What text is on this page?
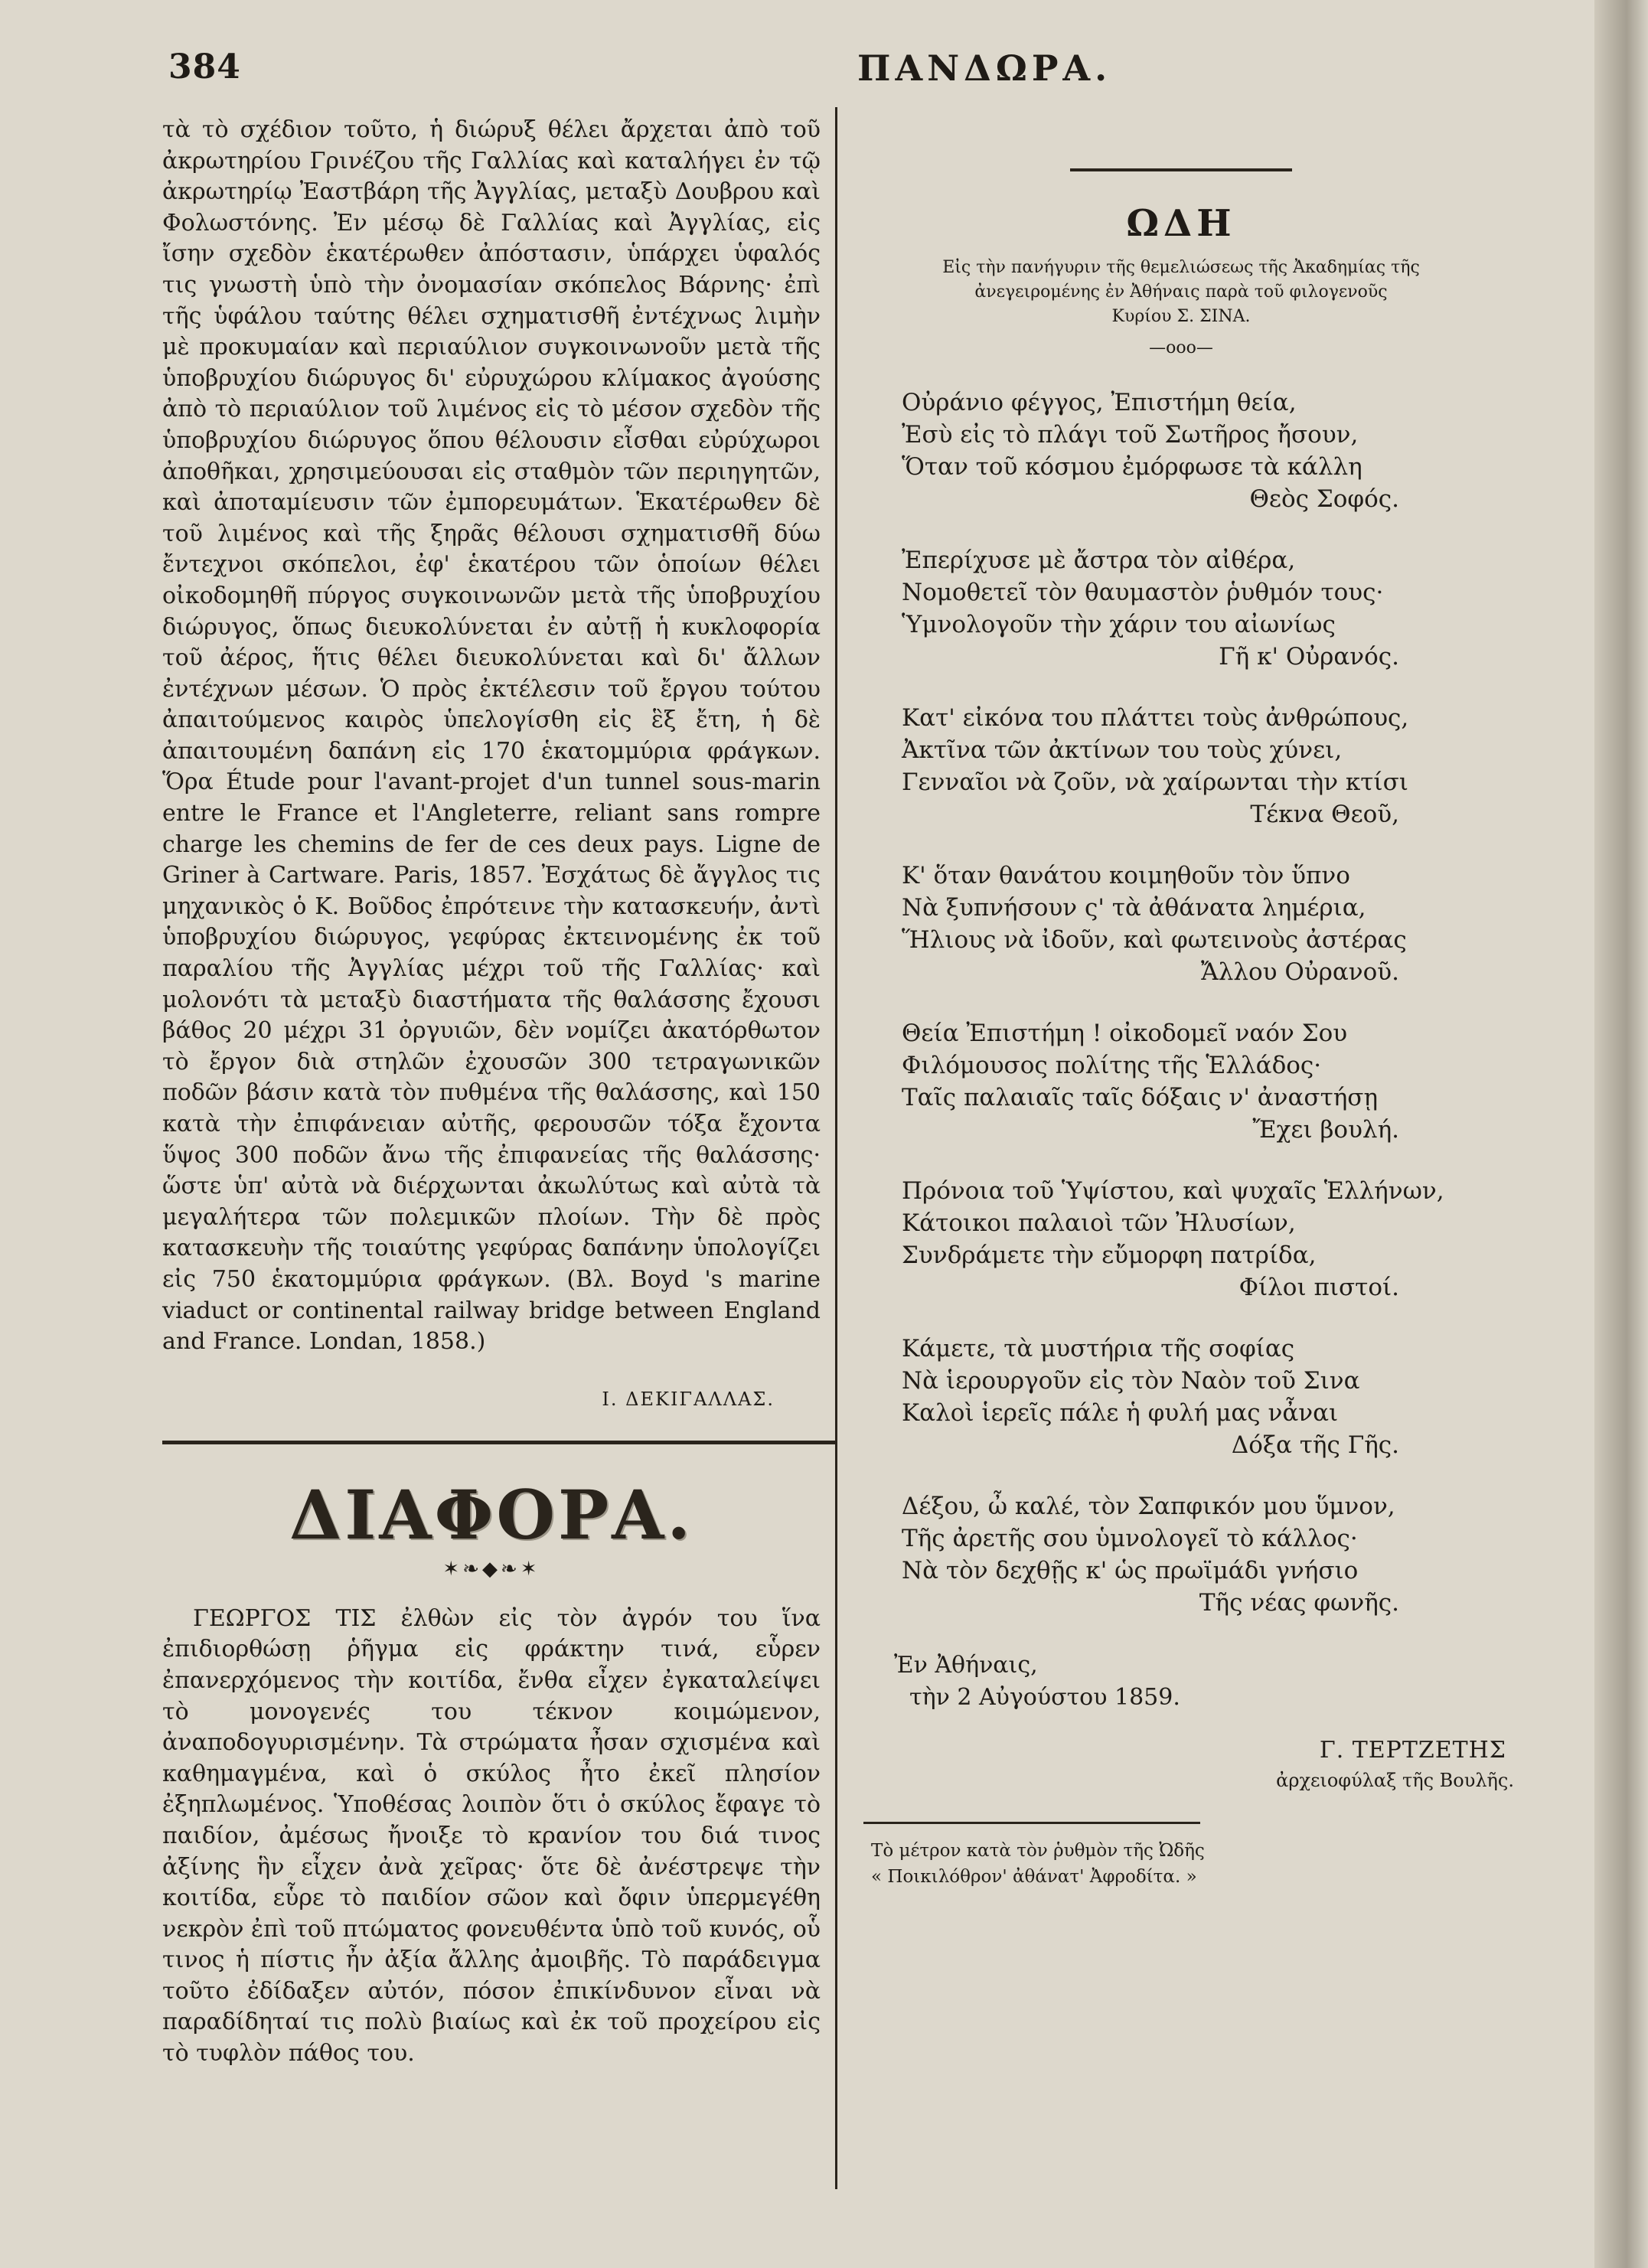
384	ΠΑΝΔΩΡΑ.

τὰ τὸ σχέδιον τοῦτο, ἡ διώρυξ θέλει ἄρχεται ἀπὸ τοῦ ἀκρωτηρίου Γρινέζου τῆς Γαλλίας καὶ καταλήγει ἐν τῷ ἀκρωτηρίῳ Ἐαστβάρη τῆς Ἀγγλίας, μεταξὺ Δουβρου καὶ Φολωστόνης. Ἐν μέσῳ δὲ Γαλλίας καὶ Ἀγγλίας, εἰς ἴσην σχεδὸν ἑκατέρωθεν ἀπόστασιν, ὑπάρχει ὑφαλός τις γνωστὴ ὑπὸ τὴν ὀνομασίαν σκόπελος Βάρνης· ἐπὶ τῆς ὑφάλου ταύτης θέλει σχηματισθῆ ἐντέχνως λιμὴν μὲ προκυμαίαν καὶ περιαύλιον συγκοινωνοῦν μετὰ τῆς ὑποβρυχίου διώρυγος δι' εὐρυχώρου κλίμακος ἀγούσης ἀπὸ τὸ περιαύλιον τοῦ λιμένος εἰς τὸ μέσον σχεδὸν τῆς ὑποβρυχίου διώρυγος ὅπου θέλουσιν εἶσθαι εὐρύχωροι ἀποθῆκαι, χρησιμεύουσαι εἰς σταθμὸν τῶν περιηγητῶν, καὶ ἀποταμίευσιν τῶν ἐμπορευμάτων. Ἑκατέρωθεν δὲ τοῦ λιμένος καὶ τῆς ξηρᾶς θέλουσι σχηματισθῆ δύω ἔντεχνοι σκόπελοι, ἐφ' ἑκατέρου τῶν ὁποίων θέλει οἰκοδομηθῆ πύργος συγκοινωνῶν μετὰ τῆς ὑποβρυχίου διώρυγος, ὅπως διευκολύνεται ἐν αὐτῇ ἡ κυκλοφορία τοῦ ἀέρος, ἥτις θέλει διευκολύνεται καὶ δι' ἄλλων ἐντέχνων μέσων. Ὁ πρὸς ἐκτέλεσιν τοῦ ἔργου τούτου ἀπαιτούμενος καιρὸς ὑπελογίσθη εἰς ἓξ ἔτη, ἡ δὲ ἀπαιτουμένη δαπάνη εἰς 170 ἑκατομμύρια φράγκων. Ὅρα Étude pour l'avant-projet d'un tunnel sous-marin entre le France et l'Angleterre, reliant sans rompre charge les chemins de fer de ces deux pays. Ligne de Griner à Cartware. Paris, 1857. Ἐσχάτως δὲ ἄγγλος τις μηχανικὸς ὁ Κ. Βοῦδος ἐπρότεινε τὴν κατασκευήν, ἀντὶ ὑποβρυχίου διώρυγος, γεφύρας ἐκτεινομένης ἐκ τοῦ παραλίου τῆς Ἀγγλίας μέχρι τοῦ τῆς Γαλλίας· καὶ μολονότι τὰ μεταξὺ διαστήματα τῆς θαλάσσης ἔχουσι βάθος 20 μέχρι 31 ὀργυιῶν, δὲν νομίζει ἀκατόρθωτον τὸ ἔργον διὰ στηλῶν ἐχουσῶν 300 τετραγωνικῶν ποδῶν βάσιν κατὰ τὸν πυθμένα τῆς θαλάσσης, καὶ 150 κατὰ τὴν ἐπιφάνειαν αὐτῆς, φερουσῶν τόξα ἔχοντα ὕψος 300 ποδῶν ἄνω τῆς ἐπιφανείας τῆς θαλάσσης· ὥστε ὑπ' αὐτὰ νὰ διέρχωνται ἀκωλύτως καὶ αὐτὰ τὰ μεγαλήτερα τῶν πολεμικῶν πλοίων. Τὴν δὲ πρὸς κατασκευὴν τῆς τοιαύτης γεφύρας δαπάνην ὑπολογίζει εἰς 750 ἑκατομμύρια φράγκων. (Βλ. Boyd 's marine viaduct or continental railway bridge between England and France. Londan, 1858.)

Ι. ΔΕΚΙΓΑΛΛΑΣ.
ΔΙΑΦΟΡΑ.
✶❧◆❧✶

ΓΕΩΡΓΟΣ ΤΙΣ ἐλθὼν εἰς τὸν ἀγρόν του ἵνα ἐπιδιορθώσῃ ῥῆγμα εἰς φράκτην τινά, εὗρεν ἐπανερχόμενος τὴν κοιτίδα, ἔνθα εἶχεν ἐγκαταλείψει τὸ μονογενές του τέκνον κοιμώμενον, ἀναποδογυρισμένην. Τὰ στρώματα ἦσαν σχισμένα καὶ καθημαγμένα, καὶ ὁ σκύλος ἦτο ἐκεῖ πλησίον ἐξηπλωμένος. Ὑποθέσας λοιπὸν ὅτι ὁ σκύλος ἔφαγε τὸ παιδίον, ἀμέσως ἤνοιξε τὸ κρανίον του διά τινος ἀξίνης ἣν εἶχεν ἀνὰ χεῖρας· ὅτε δὲ ἀνέστρεψε τὴν κοιτίδα, εὗρε τὸ παιδίον σῶον καὶ ὄφιν ὑπερμεγέθη νεκρὸν ἐπὶ τοῦ πτώματος φονευθέντα ὑπὸ τοῦ κυνός, οὗ τινος ἡ πίστις ἦν ἀξία ἄλλης ἀμοιβῆς. Τὸ παράδειγμα τοῦτο ἐδίδαξεν αὐτόν, πόσον ἐπικίνδυνον εἶναι νὰ παραδίδηταί τις πολὺ βιαίως καὶ ἐκ τοῦ προχείρου εἰς τὸ τυφλὸν πάθος του.

ΩΔΗ
Εἰς τὴν πανήγυριν τῆς θεμελιώσεως τῆς Ἀκαδημίας τῆς
ἀνεγειρομένης ἐν Ἀθήναις παρὰ τοῦ φιλογενοῦς
Κυρίου Σ. ΣΙΝΑ.
—οοο—
Οὐράνιο φέγγος, Ἐπιστήμη θεία,
Ἐσὺ εἰς τὸ πλάγι τοῦ Σωτῆρος ἤσουν,
Ὅταν τοῦ κόσμου ἐμόρφωσε τὰ κάλλη
Θεὸς Σοφός.
Ἐπερίχυσε μὲ ἄστρα τὸν αἰθέρα,
Νομοθετεῖ τὸν θαυμαστὸν ῥυθμόν τους·
Ὑμνολογοῦν τὴν χάριν του αἰωνίως
Γῆ κ' Οὐρανός.
Κατ' εἰκόνα του πλάττει τοὺς ἀνθρώπους,
Ἀκτῖνα τῶν ἀκτίνων του τοὺς χύνει,
Γενναῖοι νὰ ζοῦν, νὰ χαίρωνται τὴν κτίσι
Τέκνα Θεοῦ,
Κ' ὅταν θανάτου κοιμηθοῦν τὸν ὕπνο
Νὰ ξυπνήσουν ς' τὰ ἀθάνατα λημέρια,
Ἥλιους νὰ ἰδοῦν, καὶ φωτεινοὺς ἀστέρας
Ἄλλου Οὐρανοῦ.
Θεία Ἐπιστήμη ! οἰκοδομεῖ ναόν Σου
Φιλόμουσος πολίτης τῆς Ἑλλάδος·
Ταῖς παλαιαῖς ταῖς δόξαις ν' ἀναστήσῃ
Ἔχει βουλή.
Πρόνοια τοῦ Ὑψίστου, καὶ ψυχαῖς Ἑλλήνων,
Κάτοικοι παλαιοὶ τῶν Ἠλυσίων,
Συνδράμετε τὴν εὔμορφη πατρίδα,
Φίλοι πιστοί.
Κάμετε, τὰ μυστήρια τῆς σοφίας
Νὰ ἱερουργοῦν εἰς τὸν Ναὸν τοῦ Σινα
Καλοὶ ἱερεῖς πάλε ἡ φυλή μας νἆναι
Δόξα τῆς Γῆς.
Δέξου, ὦ καλέ, τὸν Σαπφικόν μου ὕμνον,
Τῆς ἀρετῆς σου ὑμνολογεῖ τὸ κάλλος·
Νὰ τὸν δεχθῇς κ' ὡς πρωϊμάδι γνήσιο
Τῆς νέας φωνῆς.
Ἐν Ἀθήναις,
τὴν 2 Αὐγούστου 1859.
Γ. ΤΕΡΤΖΕΤΗΣ
ἀρχειοφύλαξ τῆς Βουλῆς.
Τὸ μέτρον κατὰ τὸν ῥυθμὸν τῆς Ὠδῆς
« Ποικιλόθρον' ἀθάνατ' Ἀφροδίτα. »
